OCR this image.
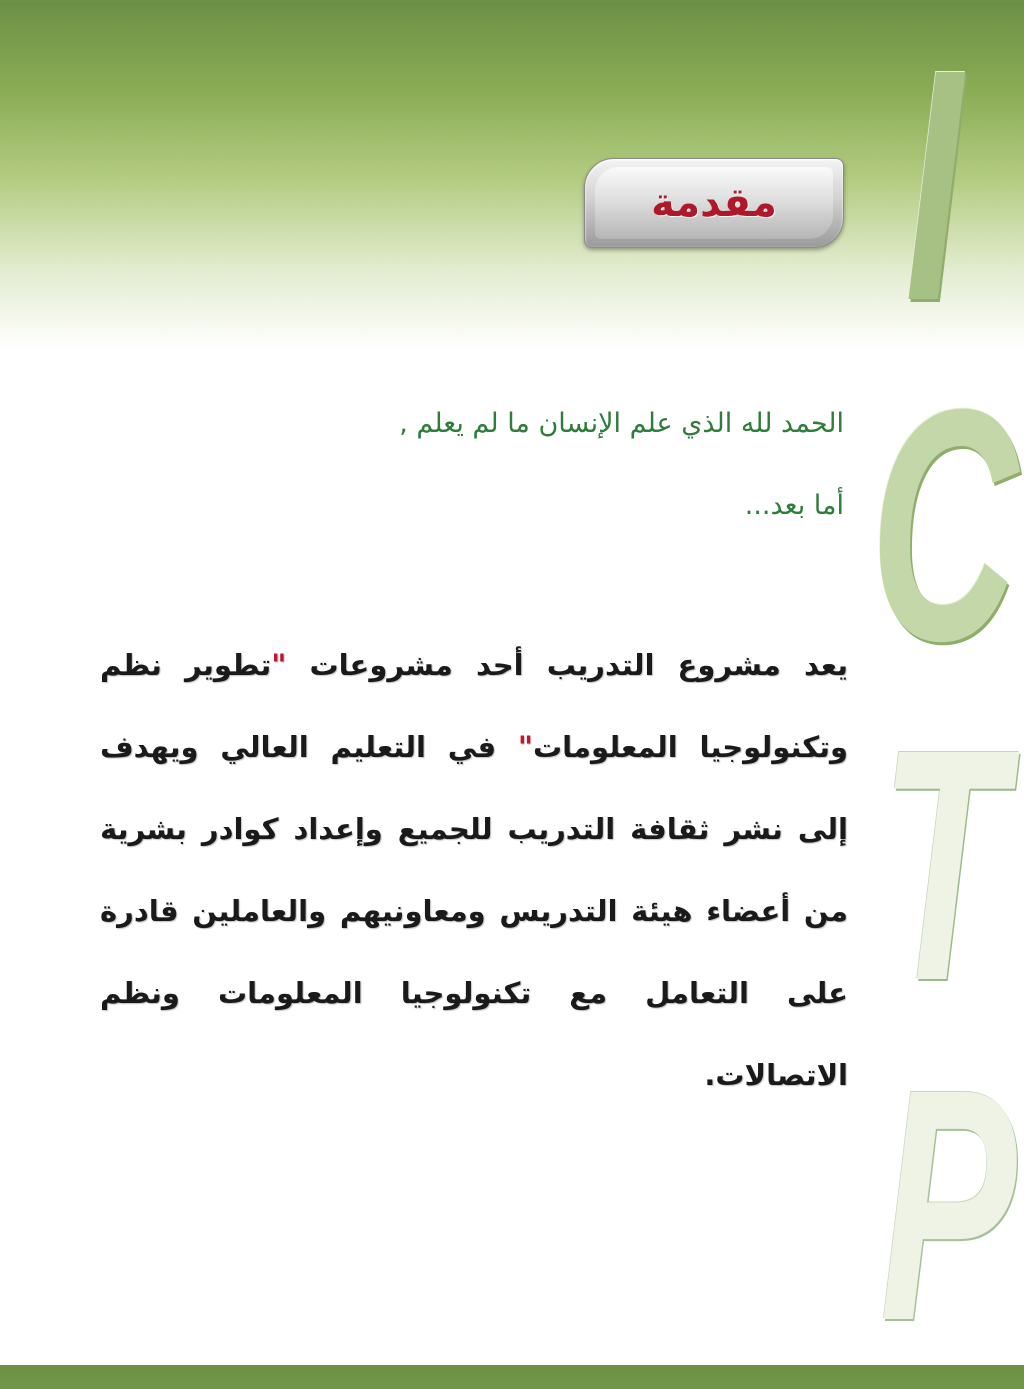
I
C
T
P
مقدمة
الحمد لله الذي علم الإنسان ما لم يعلم ,
أما بعد...

يعد مشروع التدريب أحد مشروعات "تطوير نظم وتكنولوجيا المعلومات" في التعليم العالي ويهدف إلى نشر ثقافة التدريب للجميع وإعداد كوادر بشرية من أعضاء هيئة التدريس ومعاونيهم والعاملين قادرة على التعامل مع تكنولوجيا المعلومات ونظم الاتصالات.
